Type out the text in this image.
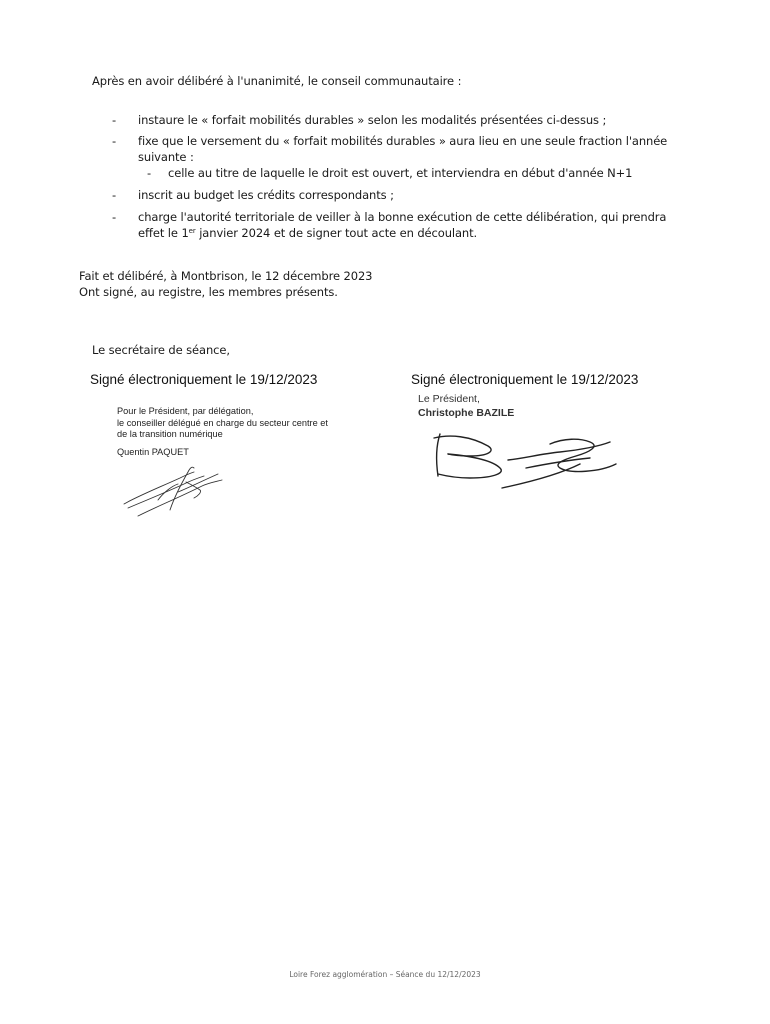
Après en avoir délibéré à l'unanimité, le conseil communautaire :
- instaure le « forfait mobilités durables » selon les modalités présentées ci-dessus ;
- fixe que le versement du « forfait mobilités durables » aura lieu en une seule fraction l'année suivante :
- celle au titre de laquelle le droit est ouvert, et interviendra en début d'année N+1
- inscrit au budget les crédits correspondants ;
- charge l'autorité territoriale de veiller à la bonne exécution de cette délibération, qui prendra effet le 1er janvier 2024 et de signer tout acte en découlant.
Fait et délibéré, à Montbrison, le 12 décembre 2023
Ont signé, au registre, les membres présents.
Le secrétaire de séance,
Signé électroniquement le 19/12/2023	Signé électroniquement le 19/12/2023
Pour le Président, par délégation,
le conseiller délégué en charge du secteur centre et
de la transition numérique
Quentin PAQUET
Le Président,
Christophe BAZILE
Loire Forez agglomération – Séance du 12/12/2023
